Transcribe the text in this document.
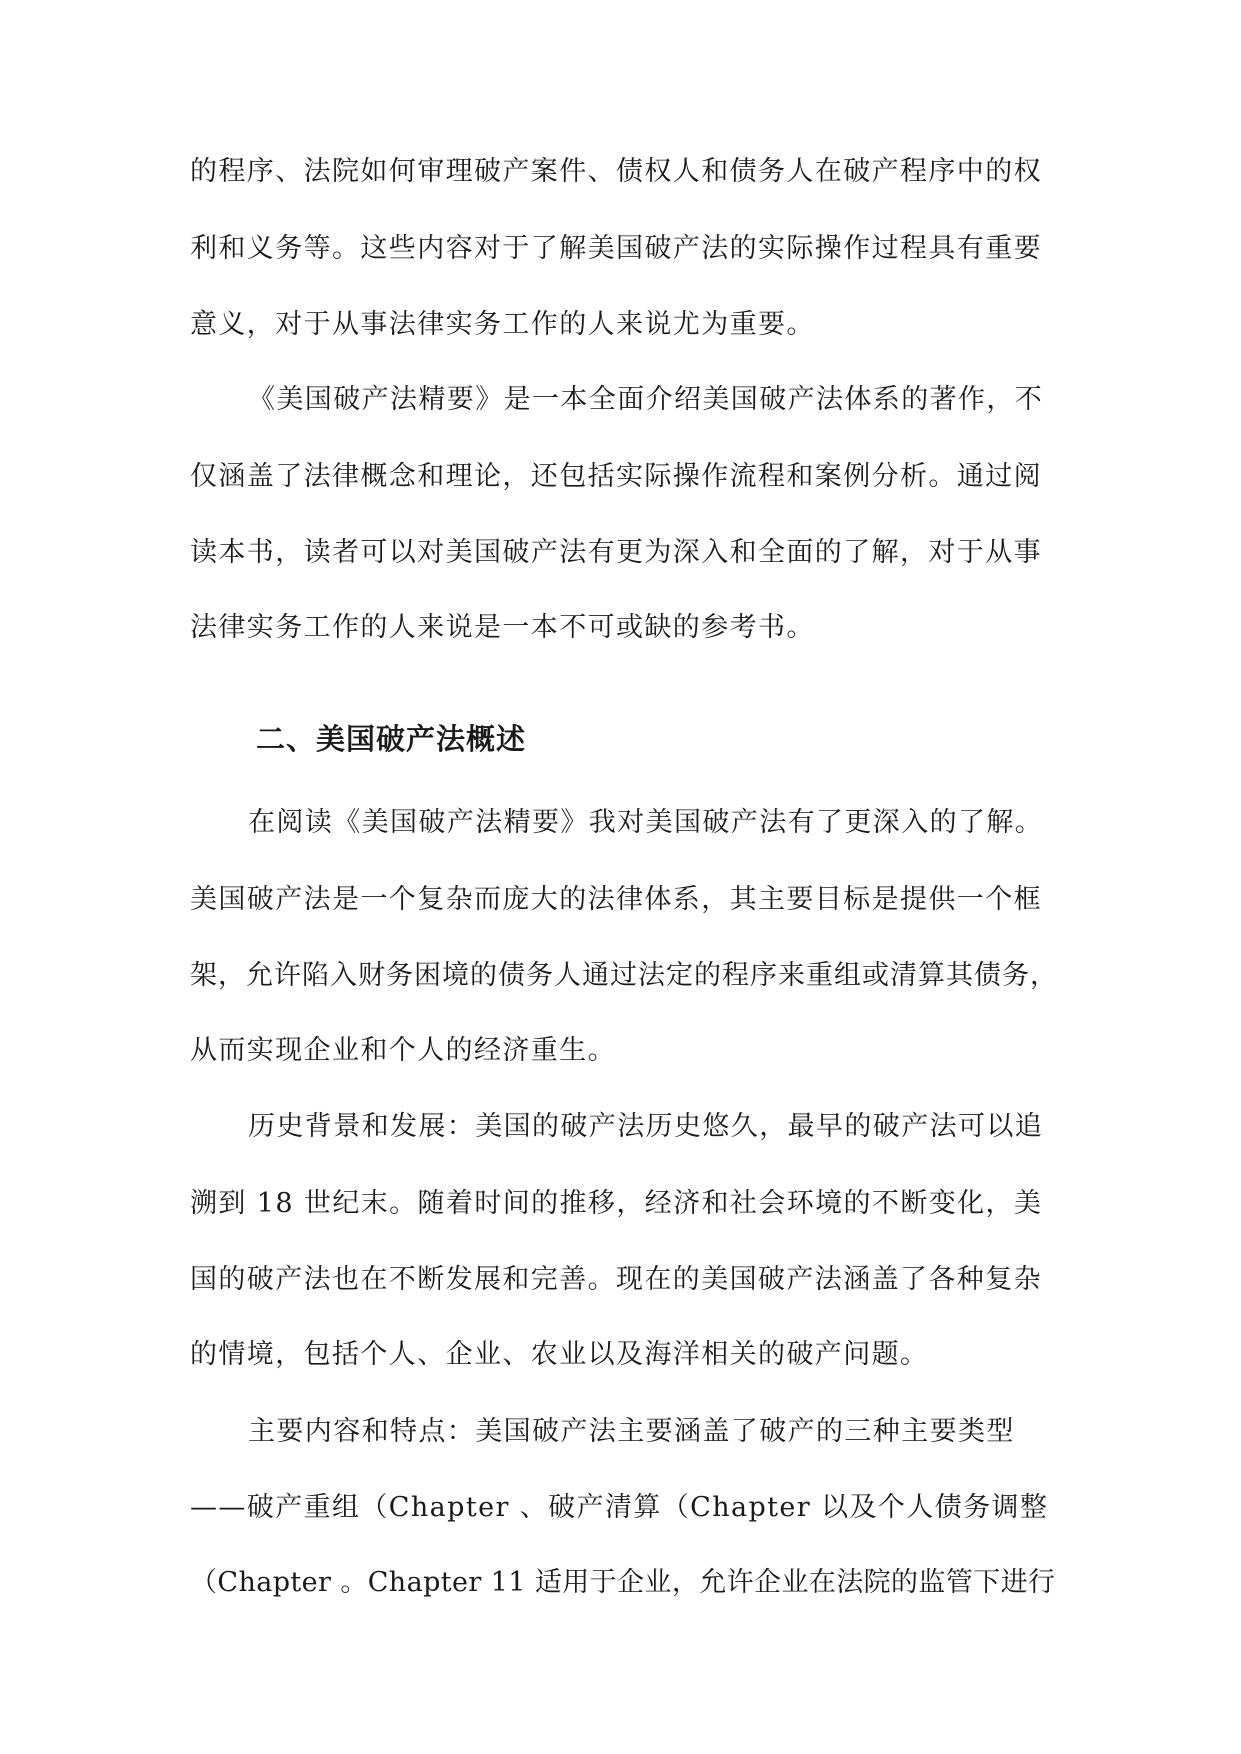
的程序、法院如何审理破产案件、债权人和债务人在破产程序中的权
利和义务等。这些内容对于了解美国破产法的实际操作过程具有重要
意义，对于从事法律实务工作的人来说尤为重要。
《美国破产法精要》是一本全面介绍美国破产法体系的著作，不
仅涵盖了法律概念和理论，还包括实际操作流程和案例分析。通过阅
读本书，读者可以对美国破产法有更为深入和全面的了解，对于从事
法律实务工作的人来说是一本不可或缺的参考书。
二、美国破产法概述
在阅读《美国破产法精要》我对美国破产法有了更深入的了解。
美国破产法是一个复杂而庞大的法律体系，其主要目标是提供一个框
架，允许陷入财务困境的债务人通过法定的程序来重组或清算其债务，
从而实现企业和个人的经济重生。
历史背景和发展：美国的破产法历史悠久，最早的破产法可以追
溯到 18 世纪末。随着时间的推移，经济和社会环境的不断变化，美
国的破产法也在不断发展和完善。现在的美国破产法涵盖了各种复杂
的情境，包括个人、企业、农业以及海洋相关的破产问题。
主要内容和特点：美国破产法主要涵盖了破产的三种主要类型
——破产重组（Chapter 、破产清算（Chapter 以及个人债务调整
（Chapter 。Chapter 11 适用于企业，允许企业在法院的监管下进行
